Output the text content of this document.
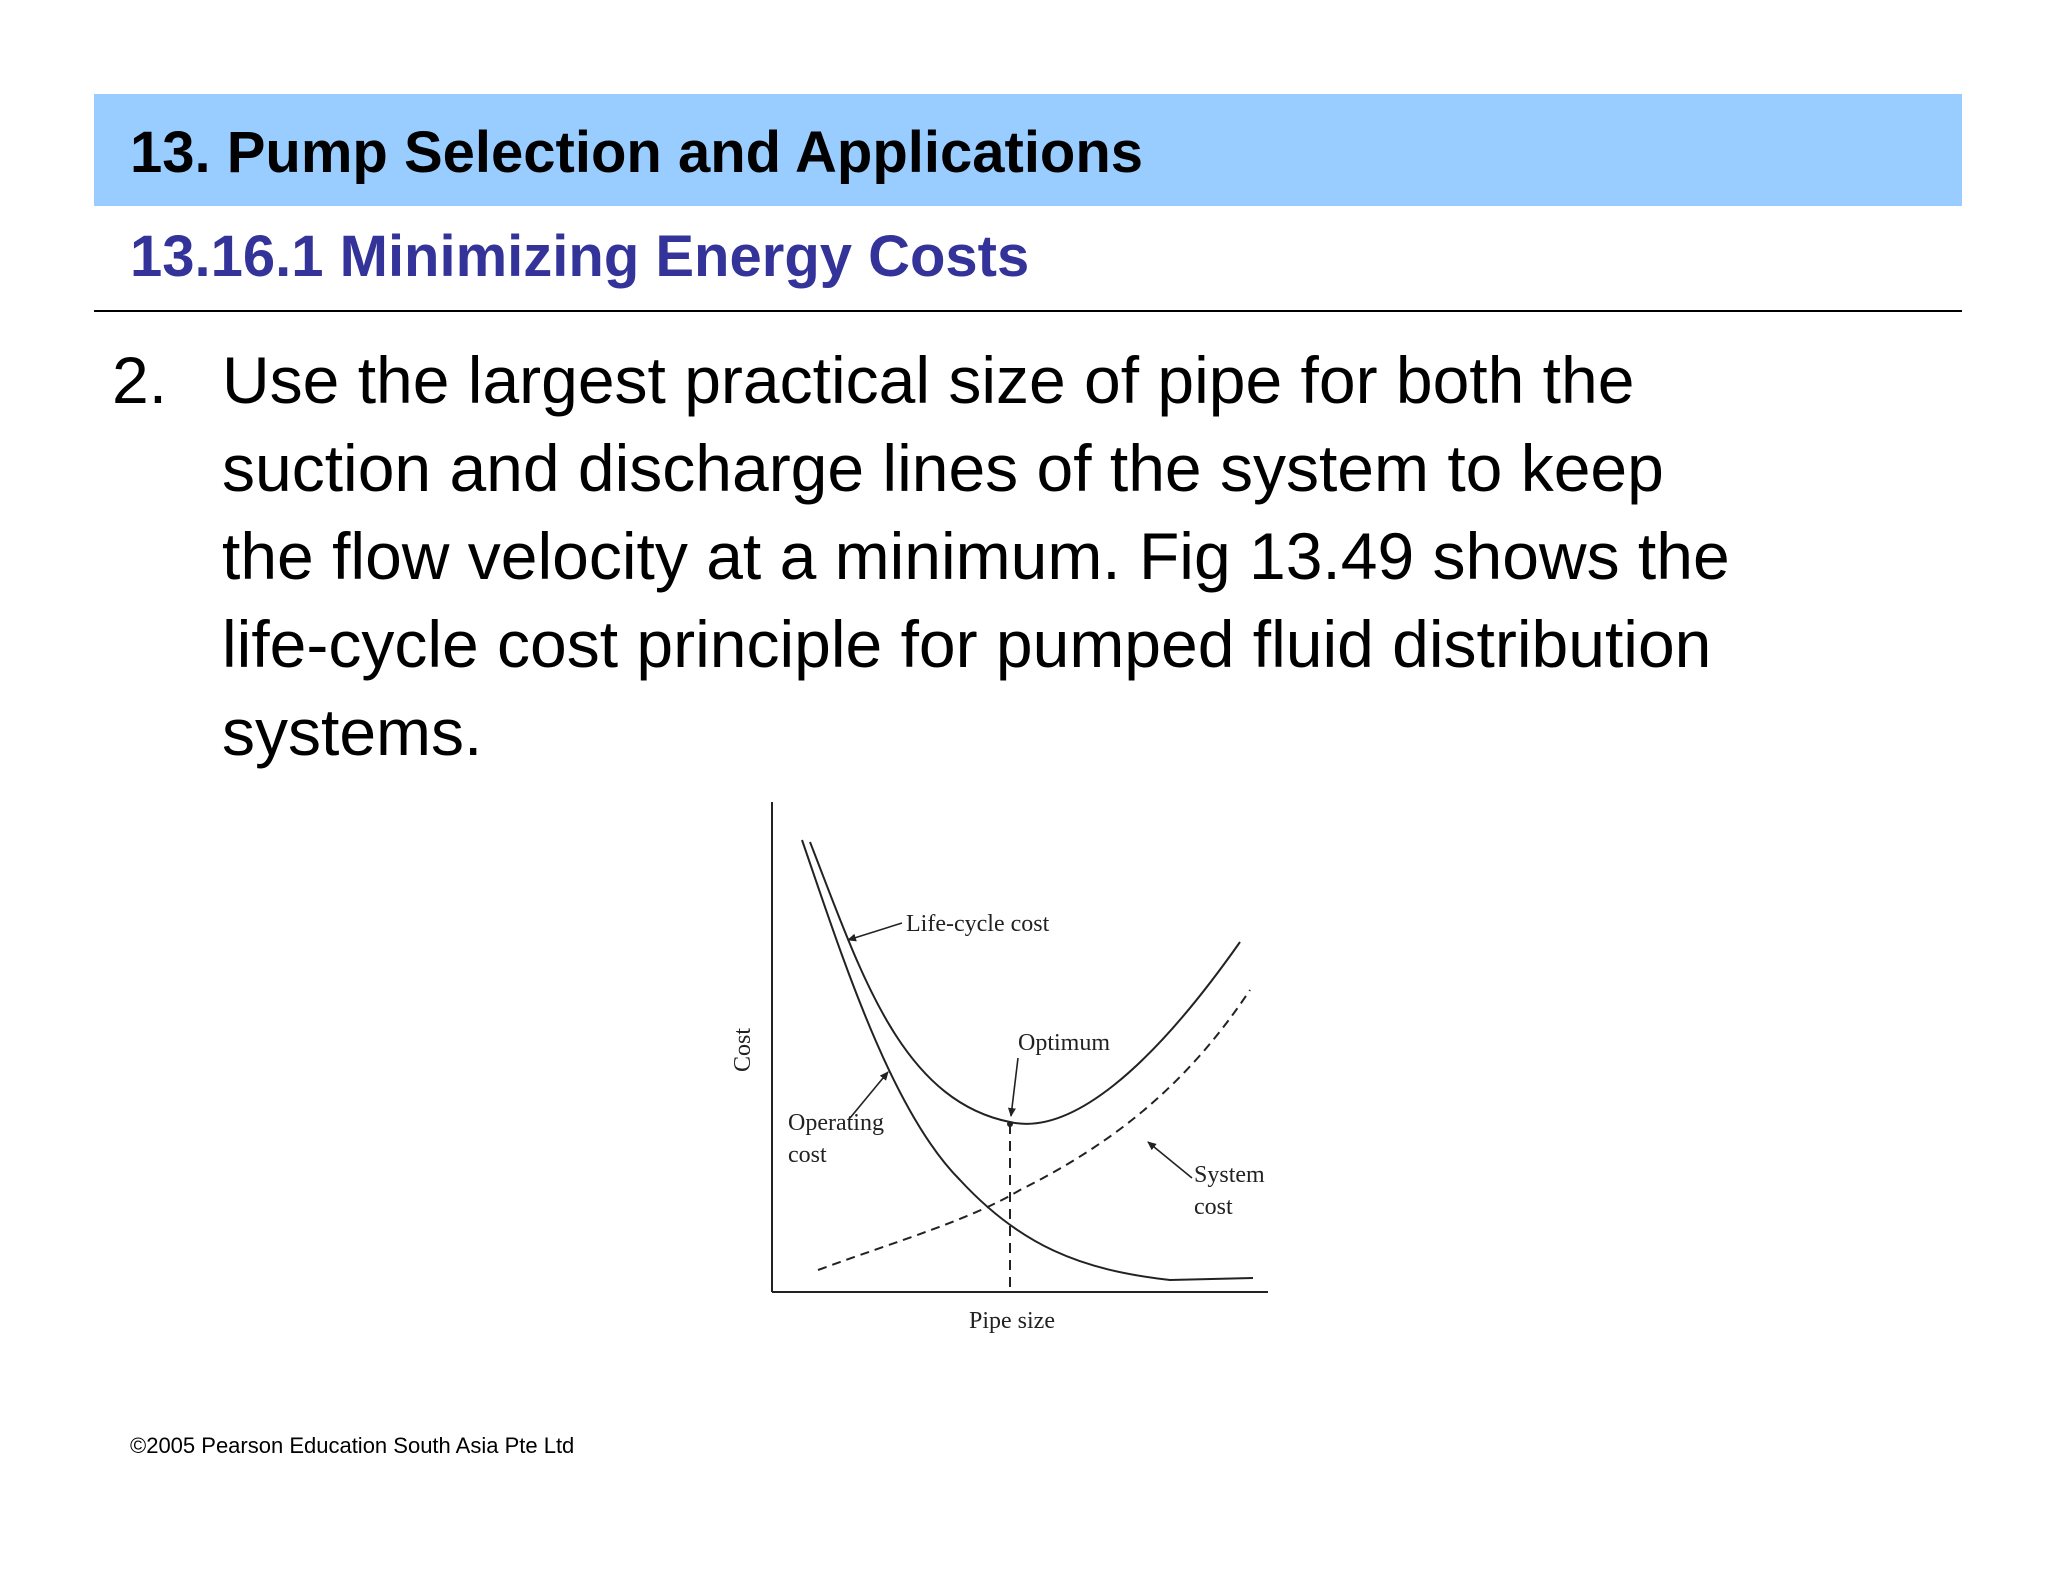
13. Pump Selection and Applications
13.16.1 Minimizing Energy Costs
2. Use the largest practical size of pipe for both the
suction and discharge lines of the system to keep
the flow velocity at a minimum. Fig 13.49 shows the
life-cycle cost principle for pumped fluid distribution
systems.
Life-cycle cost
Optimum
Operating
cost
System
cost
Pipe size
Cost
©2005 Pearson Education South Asia Pte Ltd
